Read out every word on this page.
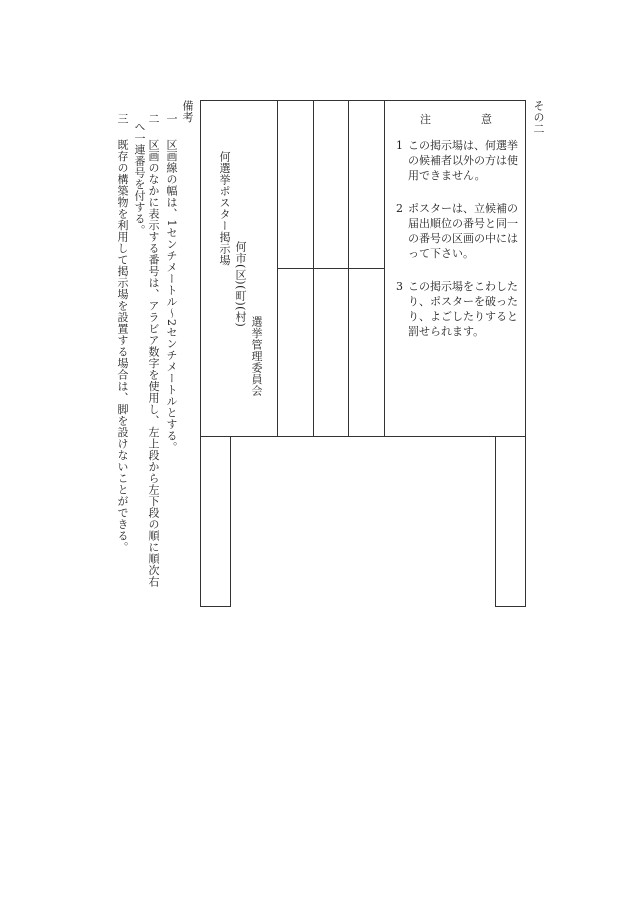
その二
備考
一
区画線の幅は、1センチメートル～2センチメートルとする。
二
区画のなかに表示する番号は、アラビア数字を使用し、左上段から左下段の順に順次右
へ一連番号を付する。
三
既存の構築物を利用して掲示場を設置する場合は、脚を設けないことができる。	何選挙ポスター掲示場
何市(区)(町)(村)
選挙管理委員会
注	意
1 この掲示場は、何選挙の候補者以外の方は使用できません。
2 ポスターは、立候補の届出順位の番号と同一の番号の区画の中にはって下さい。
3 この掲示場をこわしたり、ポスターを破ったり、よごしたりすると罰せられます。
